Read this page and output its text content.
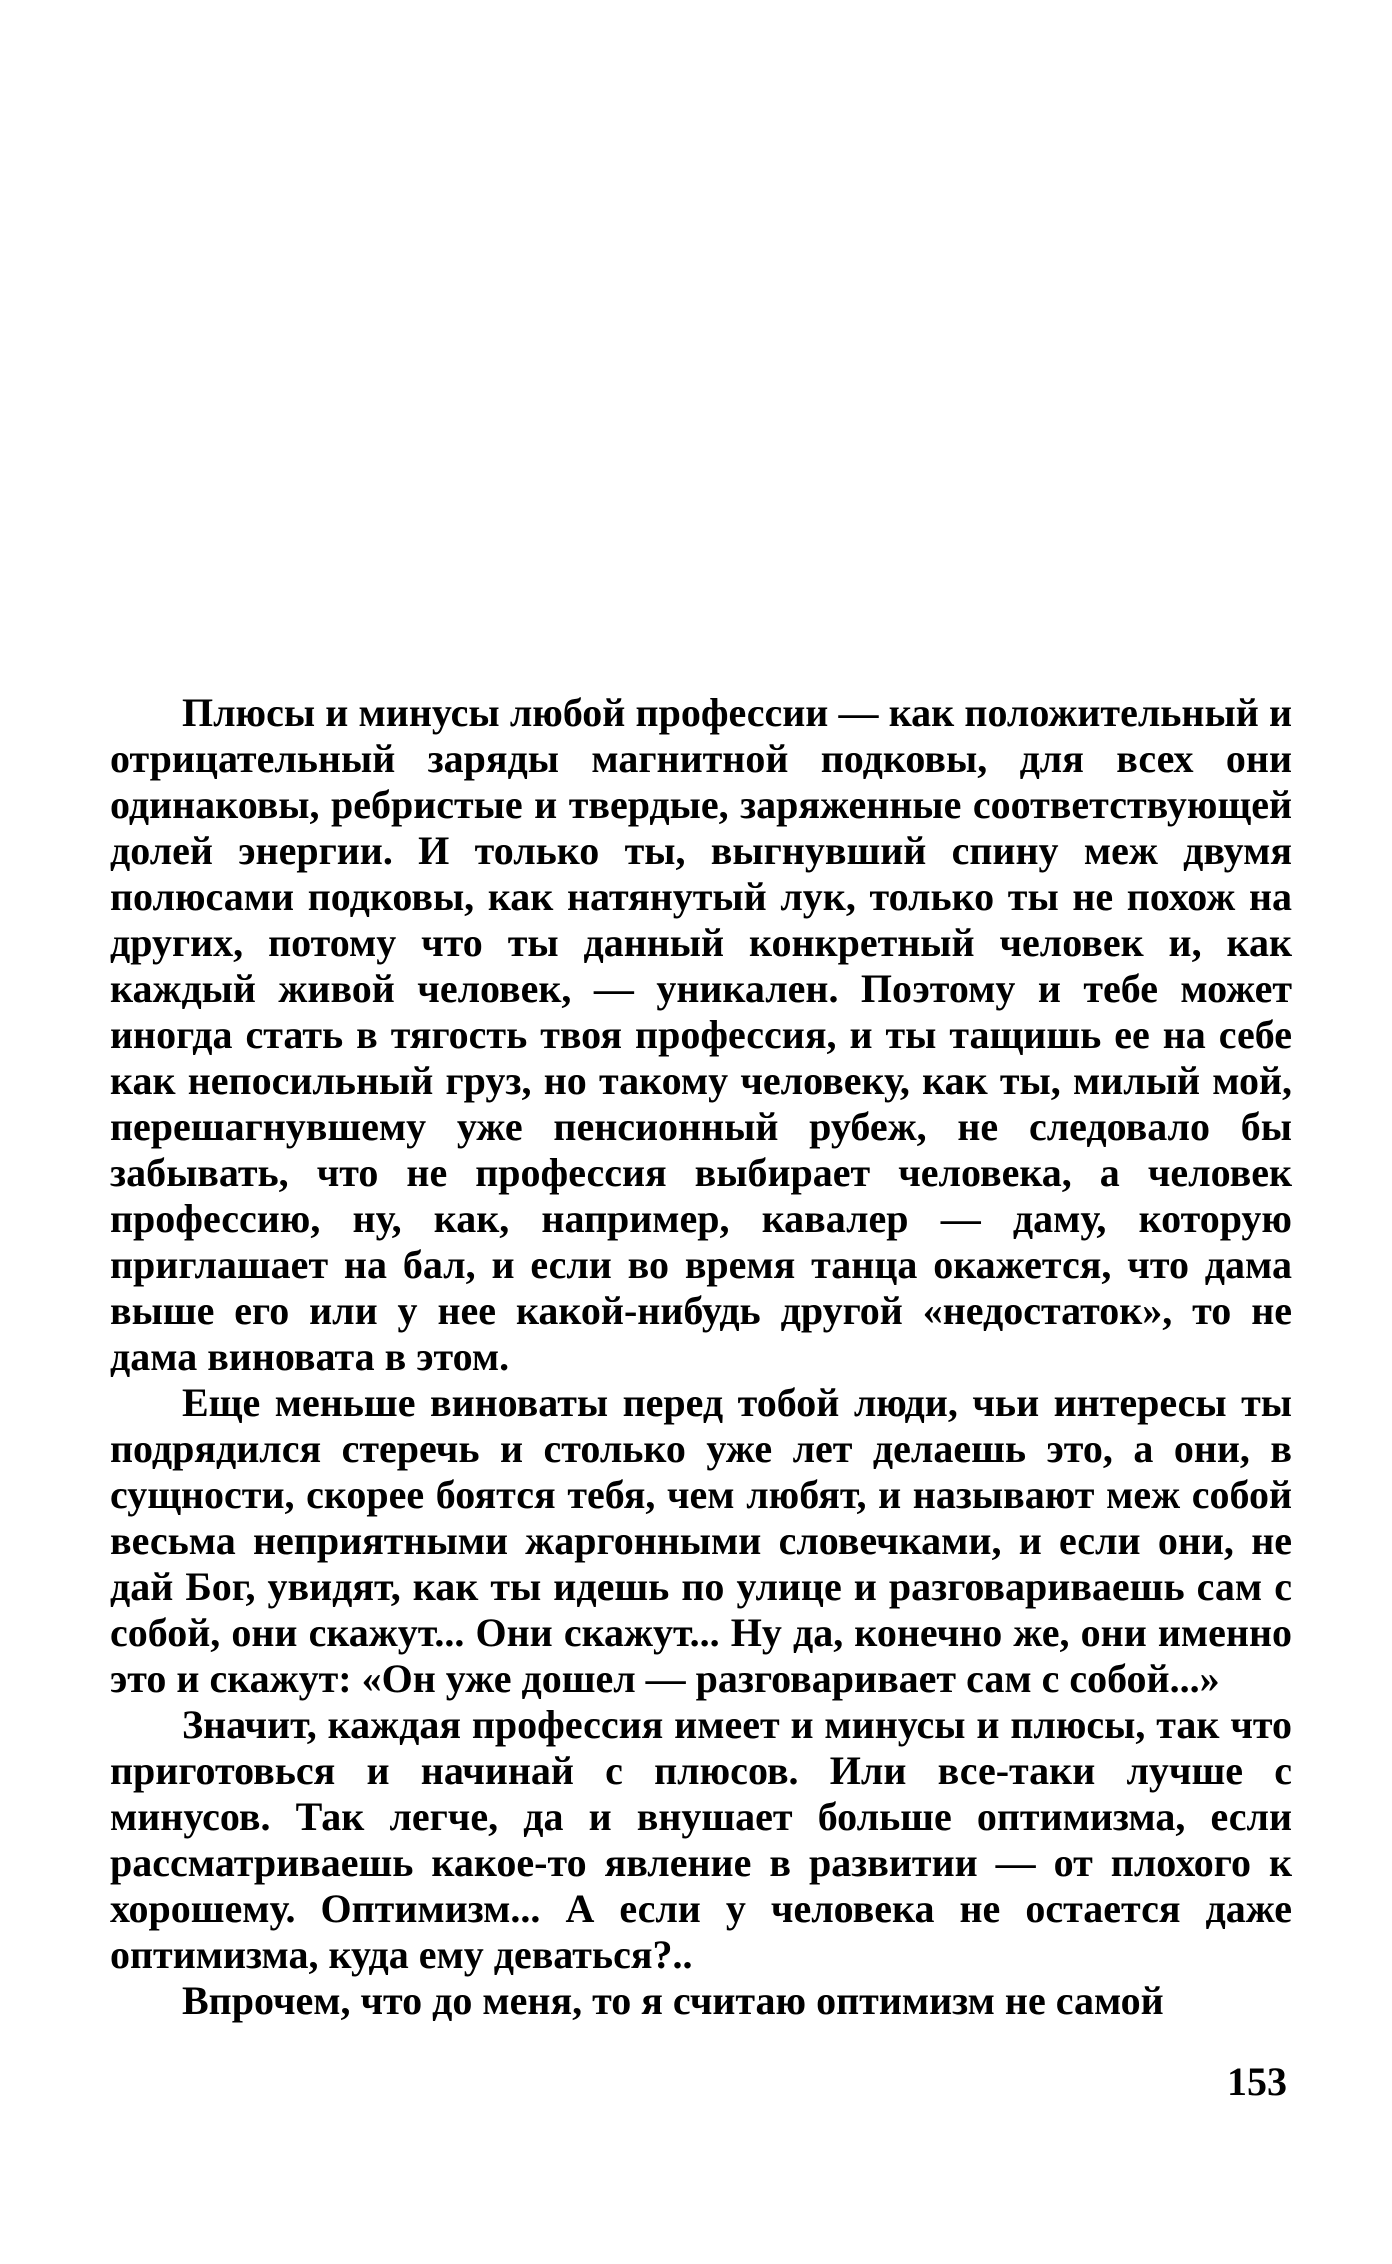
Плюсы и минусы любой профессии — как положительный и отрицательный заряды магнитной подковы, для всех они одинаковы, ребристые и твердые, заряженные соответствующей долей энергии. И только ты, выгнувший спину меж двумя полюсами подковы, как натянутый лук, только ты не похож на других, потому что ты данный конкретный человек и, как каждый живой человек, — уникален. Поэтому и тебе может иногда стать в тягость твоя профессия, и ты тащишь ее на себе как непосильный груз, но такому человеку, как ты, милый мой, перешагнувшему уже пенсионный рубеж, не следовало бы забывать, что не профессия выбирает человека, а человек профессию, ну, как, например, кавалер — даму, которую приглашает на бал, и если во время танца окажется, что дама выше его или у нее какой-нибудь другой «недостаток», то не дама виновата в этом.

Еще меньше виноваты перед тобой люди, чьи интересы ты подрядился стеречь и столько уже лет делаешь это, а они, в сущности, скорее боятся тебя, чем любят, и называют меж собой весьма неприятными жаргонными словечками, и если они, не дай Бог, увидят, как ты идешь по улице и разговариваешь сам с собой, они скажут... Они скажут... Ну да, конечно же, они именно это и скажут: «Он уже дошел — разговаривает сам с собой...»

Значит, каждая профессия имеет и минусы и плюсы, так что приготовься и начинай с плюсов. Или все-таки лучше с минусов. Так легче, да и внушает больше оптимизма, если рассматриваешь какое-то явление в развитии — от плохого к хорошему. Оптимизм... А если у человека не остается даже оптимизма, куда ему деваться?..

Впрочем, что до меня, то я считаю оптимизм не самой

153
